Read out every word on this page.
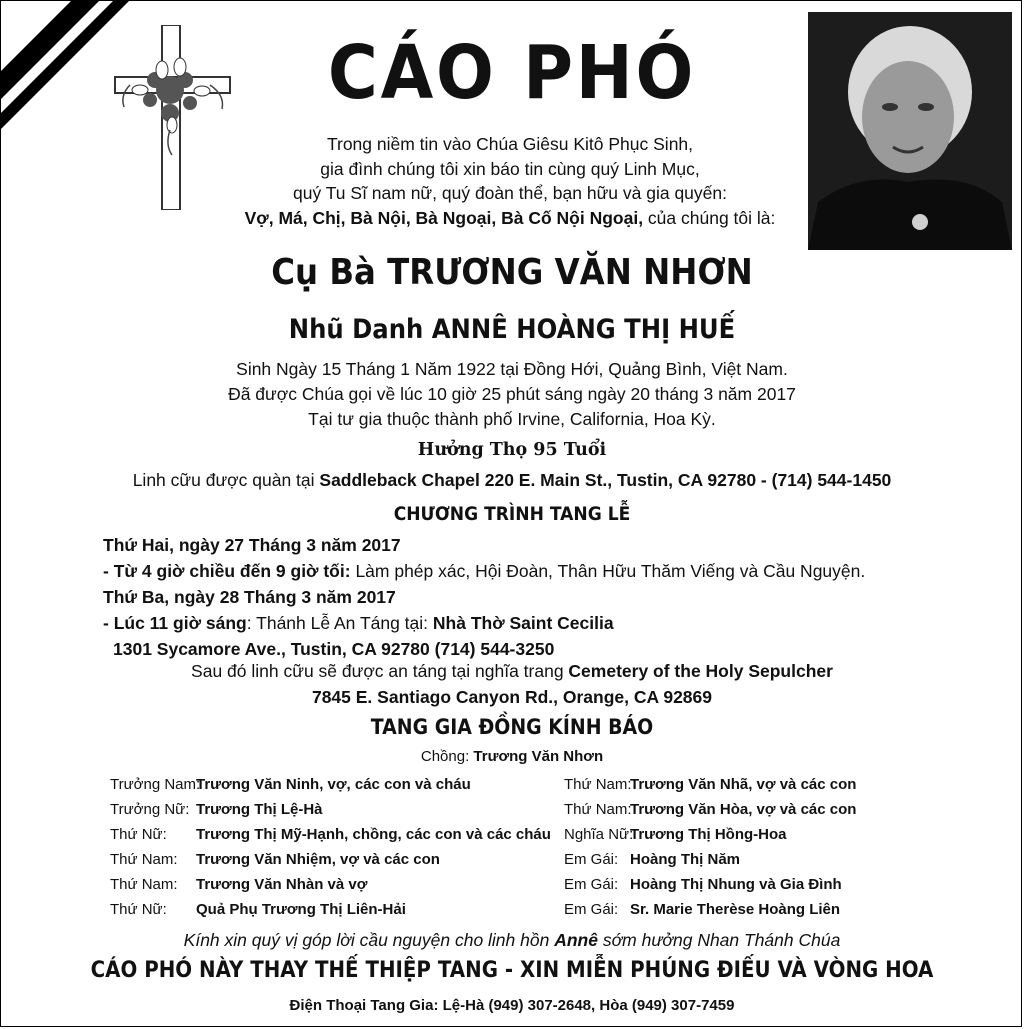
CÁO PHÓ
Trong niềm tin vào Chúa Giêsu Kitô Phục Sinh,
gia đình chúng tôi xin báo tin cùng quý Linh Mục,
quý Tu Sĩ nam nữ, quý đoàn thể, bạn hữu và gia quyến:
Vợ, Má, Chị, Bà Nội, Bà Ngoại, Bà Cố Nội Ngoại, của chúng tôi là:
Cụ Bà TRƯƠNG VĂN NHƠN
Nhũ Danh ANNÊ HOÀNG THỊ HUẾ
Sinh Ngày 15 Tháng 1 Năm 1922 tại Đồng Hới, Quảng Bình, Việt Nam.
Đã được Chúa gọi về lúc 10 giờ 25 phút sáng ngày 20 tháng 3 năm 2017
Tại tư gia thuộc thành phố Irvine, California, Hoa Kỳ.
Hưởng Thọ 95 Tuổi
Linh cữu được quàn tại Saddleback Chapel 220 E. Main St., Tustin, CA 92780 - (714) 544-1450
CHƯƠNG TRÌNH TANG LỄ
Thứ Hai, ngày 27 Tháng 3 năm 2017
- Từ 4 giờ chiều đến 9 giờ tối: Làm phép xác, Hội Đoàn, Thân Hữu Thăm Viếng và Cầu Nguyện.
Thứ Ba, ngày 28 Tháng 3 năm 2017
- Lúc 11 giờ sáng: Thánh Lễ An Táng tại: Nhà Thờ Saint Cecilia
1301 Sycamore Ave., Tustin, CA 92780 (714) 544-3250
Sau đó linh cữu sẽ được an táng tại nghĩa trang Cemetery of the Holy Sepulcher
7845 E. Santiago Canyon Rd., Orange, CA 92869
TANG GIA ĐỒNG KÍNH BÁO
Chồng: Trương Văn Nhơn
Trưởng Nam:
Trương Văn Ninh, vợ, các con và cháu
Trưởng Nữ: Trương Thị Lệ-Hà
Thứ Nữ: Trương Thị Mỹ-Hạnh, chồng, các con và các cháu
Thứ Nam: Trương Văn Nhiệm, vợ và các con
Thứ Nam: Trương Văn Nhàn và vợ
Thứ Nữ: Quả Phụ Trương Thị Liên-Hải
Thứ Nam:
Trương Văn Nhã, vợ và các con
Thứ Nam:
Trương Văn Hòa, vợ và các con
Nghĩa Nữ:
Trương Thị Hồng-Hoa
Em Gái: Hoàng Thị Năm
Em Gái: Hoàng Thị Nhung và Gia Đình
Em Gái: Sr. Marie Therèse Hoàng Liên
Kính xin quý vị góp lời cầu nguyện cho linh hồn Annê sớm hưởng Nhan Thánh Chúa
CÁO PHÓ NÀY THAY THẾ THIỆP TANG - XIN MIỄN PHÚNG ĐIẾU VÀ VÒNG HOA
Điện Thoại Tang Gia: Lệ-Hà (949) 307-2648, Hòa (949) 307-7459
